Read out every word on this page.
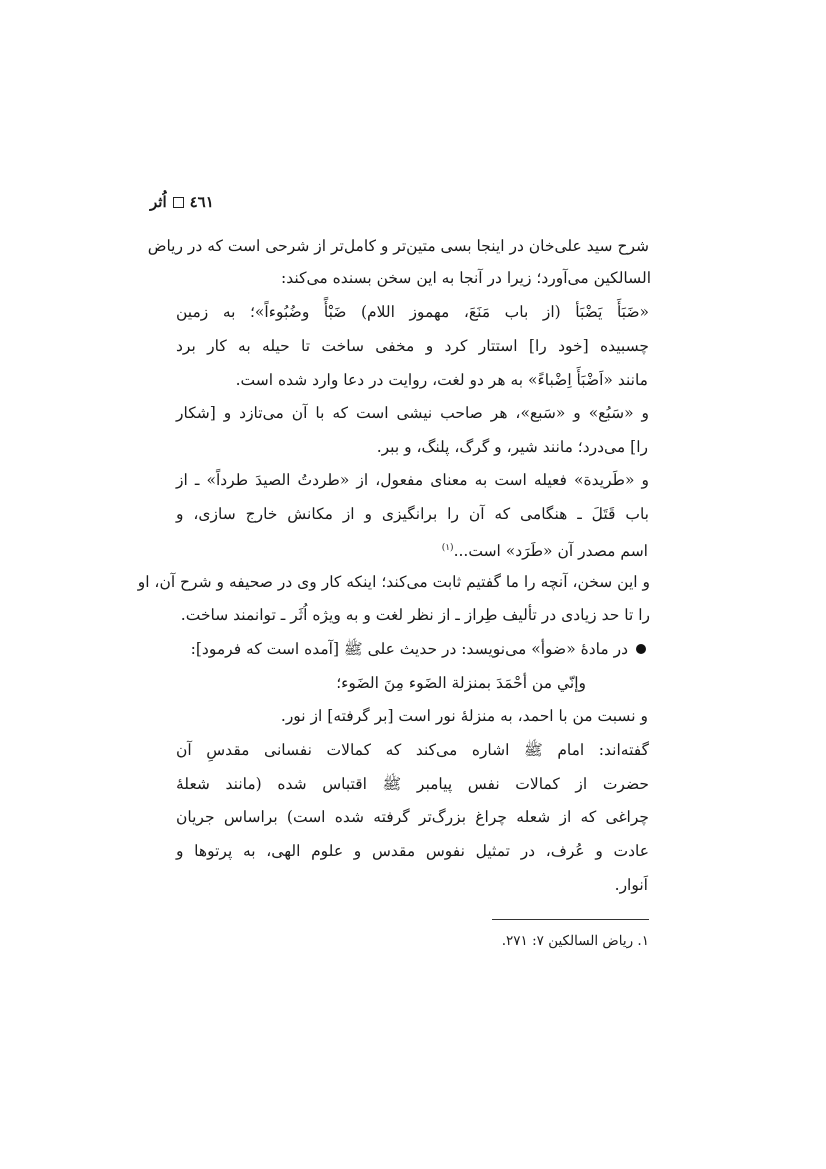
٤٦١اُثر
شرح سید علی‌خان در اینجا بسی متین‌تر و کامل‌تر از شرحی است که در ریاض
السالکین می‌آورد؛ زیرا در آنجا به این سخن بسنده می‌کند:
«ضَبَأَ یَضْبَأ (از باب مَنَعَ، مهموز اللام) ضَبْأً وضُبُوءاً»؛ به زمین
چسبیده [خود را] استتار کرد و مخفی ساخت تا حیله به کار برد
مانند «اَضْبَأَ اِضْباءً» به هر دو لغت، روایت در دعا وارد شده است.
و «سَبُع» و «سَبع»، هر صاحب نیشی است که با آن می‌تازد و [شکار
را] می‌درد؛ مانند شیر، و گرگ، پلنگ، و ببر.
و «طَریدة» فعیله است به معنای مفعول، از «طردتُ الصیدَ طرداً» ـ از
باب قَتَلَ ـ هنگامی که آن را برانگیزی و از مکانش خارج سازی، و
اسم مصدر آن «طَرَد» است...$^{(١)}$
و این سخن، آنچه را ما گفتیم ثابت می‌کند؛ اینکه کار وی در صحیفه و شرح آن، او
را تا حد زیادی در تألیف طِراز ـ از نظر لغت و به ویژه اُثَر ـ توانمند ساخت.
در مادهٔ «ضوأ» می‌نویسد: در حدیث علی ﷺ [آمده است که فرمود]:
وإنّي من أحْمَدَ بمنزلة الضَوء مِنَ الضَوء؛
و نسبت من با احمد، به منزلهٔ نور است [بر گرفته] از نور.
گفته‌اند: امام ﷺ اشاره می‌کند که کمالات نفسانی مقدسِ آن
حضرت از کمالات نفس پیامبر ﷺ اقتباس شده (مانند شعلهٔ
چراغی که از شعله چراغ بزرگ‌تر گرفته شده است) براساس جریان
عادت و عُرف، در تمثیل نفوس مقدس و علوم الهی، به پرتوها و
اَنوار.
١. ریاض السالکین ٧: ٢٧١.
